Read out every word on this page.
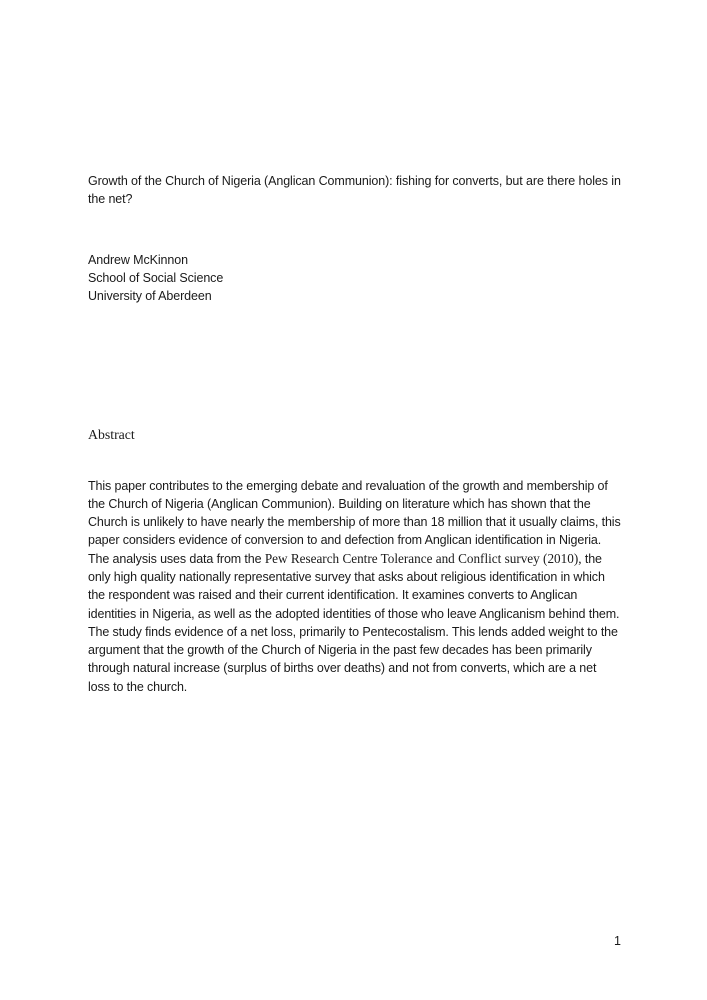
Growth of the Church of Nigeria (Anglican Communion): fishing for converts, but are there holes in the net?
Andrew McKinnon
School of Social Science
University of Aberdeen
Abstract

This paper contributes to the emerging debate and revaluation of the growth and membership of the Church of Nigeria (Anglican Communion). Building on literature which has shown that the Church is unlikely to have nearly the membership of more than 18 million that it usually claims, this paper considers evidence of conversion to and defection from Anglican identification in Nigeria. The analysis uses data from the Pew Research Centre Tolerance and Conflict survey (2010), the only high quality nationally representative survey that asks about religious identification in which the respondent was raised and their current identification. It examines converts to Anglican identities in Nigeria, as well as the adopted identities of those who leave Anglicanism behind them. The study finds evidence of a net loss, primarily to Pentecostalism. This lends added weight to the argument that the growth of the Church of Nigeria in the past few decades has been primarily through natural increase (surplus of births over deaths) and not from converts, which are a net loss to the church.

1
